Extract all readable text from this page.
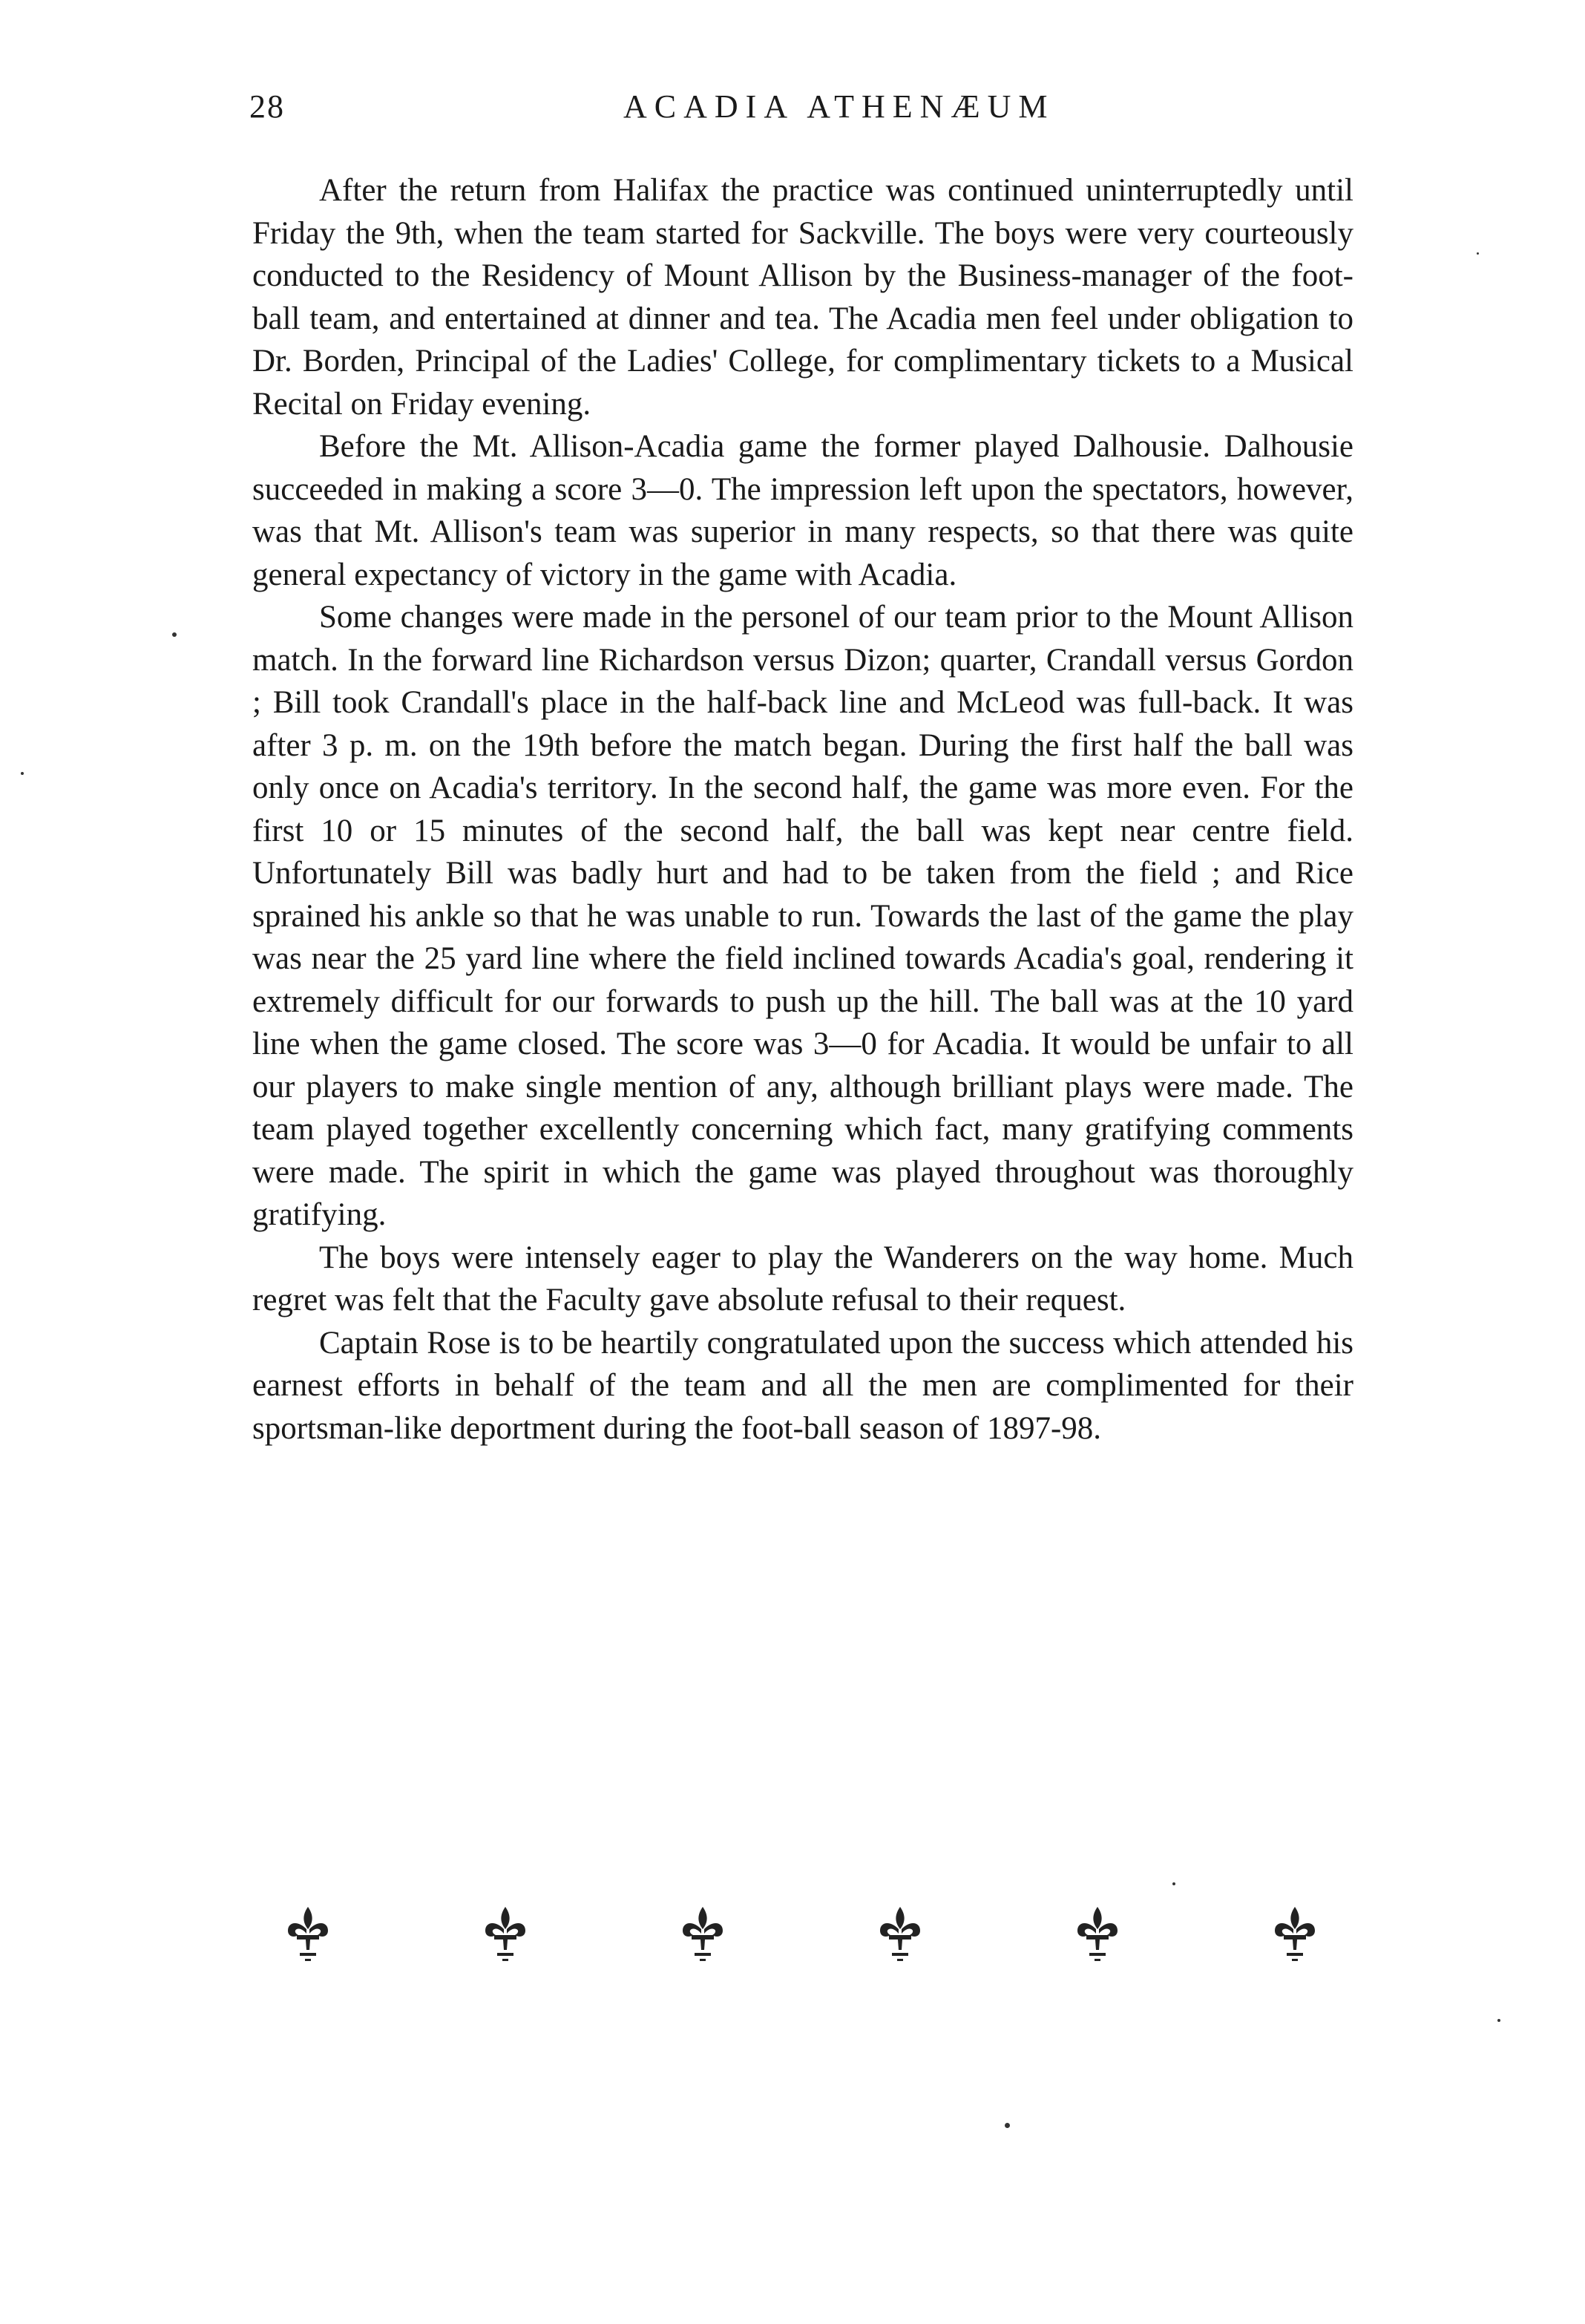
28	ACADIA ATHENÆUM

After the return from Halifax the practice was continued uninterruptedly until Friday the 9th, when the team started for Sackville. The boys were very courteously conducted to the Residency of Mount Allison by the Business-manager of the foot-ball team, and entertained at dinner and tea. The Acadia men feel under obligation to Dr. Borden, Principal of the Ladies' College, for complimentary tickets to a Musical Recital on Friday evening.

Before the Mt. Allison-Acadia game the former played Dalhousie. Dalhousie succeeded in making a score 3—0. The impression left upon the spectators, however, was that Mt. Allison's team was superior in many respects, so that there was quite general expectancy of victory in the game with Acadia.

Some changes were made in the personel of our team prior to the Mount Allison match. In the forward line Richardson versus Dizon; quarter, Crandall versus Gordon ; Bill took Crandall's place in the half-back line and McLeod was full-back. It was after 3 p. m. on the 19th before the match began. During the first half the ball was only once on Acadia's territory. In the second half, the game was more even. For the first 10 or 15 minutes of the second half, the ball was kept near centre field. Unfortunately Bill was badly hurt and had to be taken from the field ; and Rice sprained his ankle so that he was unable to run. Towards the last of the game the play was near the 25 yard line where the field inclined towards Acadia's goal, rendering it extremely difficult for our forwards to push up the hill. The ball was at the 10 yard line when the game closed. The score was 3—0 for Acadia. It would be unfair to all our players to make single mention of any, although brilliant plays were made. The team played together excellently concerning which fact, many gratifying comments were made. The spirit in which the game was played throughout was thoroughly gratifying.

The boys were intensely eager to play the Wanderers on the way home. Much regret was felt that the Faculty gave absolute refusal to their request.

Captain Rose is to be heartily congratulated upon the success which attended his earnest efforts in behalf of the team and all the men are complimented for their sportsman-like deportment during the foot-ball season of 1897-98.
